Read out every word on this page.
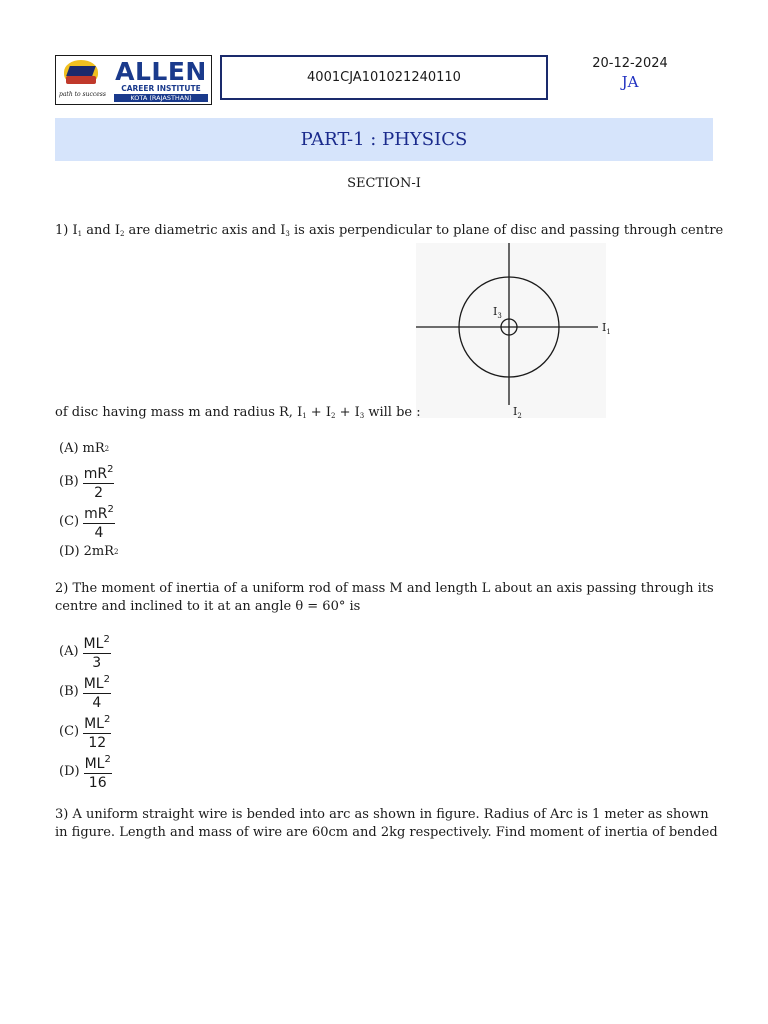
path to success
ALLEN
CAREER INSTITUTE
KOTA (RAJASTHAN)
4001CJA101021240110
20-12-2024
JA
PART-1 : PHYSICS
SECTION-I
1) $I_1$ and $I_2$ are diametric axis and $I_3$ is axis perpendicular to plane of disc and passing through centre
$I_3$
$I_1$
$I_2$
of disc having mass m and radius R, $I_1 + I_2 + I_3$ will be :
(A) mR 2
$(B) \frac{mR^2}{2}$
$(C) \frac{mR^2}{4}$
(D) 2mR 2
2) The moment of inertia of a uniform rod of mass M and length L about an axis passing through its
centre and inclined to it at an angle θ = 60° is
$(A) \frac{ML^2}{3}$
$(B) \frac{ML^2}{4}$
$(C) \frac{ML^2}{12}$
$(D) \frac{ML^2}{16}$
3) A uniform straight wire is bended into arc as shown in figure. Radius of Arc is 1 meter as shown
in figure. Length and mass of wire are 60cm and 2kg respectively. Find moment of inertia of bended
